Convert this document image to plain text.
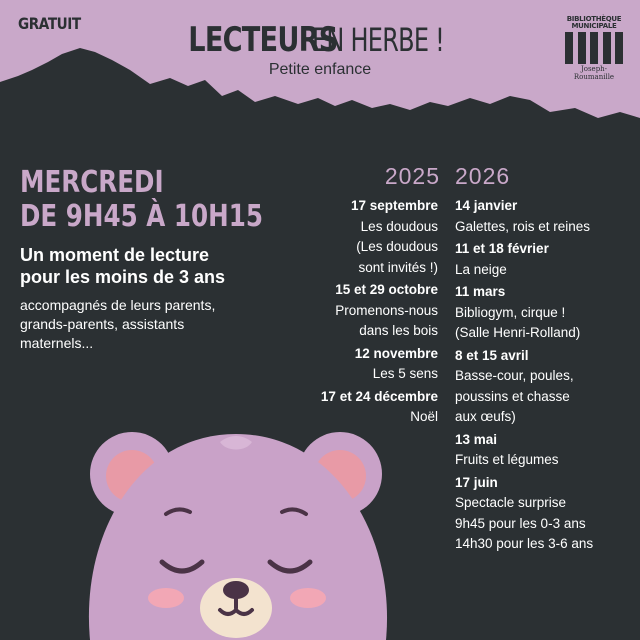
GRATUIT	LECTEURS EN HERBE !
Petite enfance
BIBLIOTHÈQUE MUNICIPALE
Joseph-Roumanille
MERCREDI
DE 9H45 À 10H15
Un moment de lecture
pour les moins de 3 ans
accompagnés de leurs parents,
grands-parents, assistants
maternels...
2025 2026
17 septembre
Les doudous
(Les doudous
sont invités !)
15 et 29 octobre
Promenons-nous
dans les bois
12 novembre
Les 5 sens
17 et 24 décembre
Noël
14 janvier
Galettes, rois et reines
11 et 18 février
La neige
11 mars
Bibliogym, cirque !
(Salle Henri-Rolland)
8 et 15 avril
Basse-cour, poules,
poussins et chasse
aux œufs)
13 mai
Fruits et légumes
17 juin
Spectacle surprise
9h45 pour les 0-3 ans
14h30 pour les 3-6 ans
